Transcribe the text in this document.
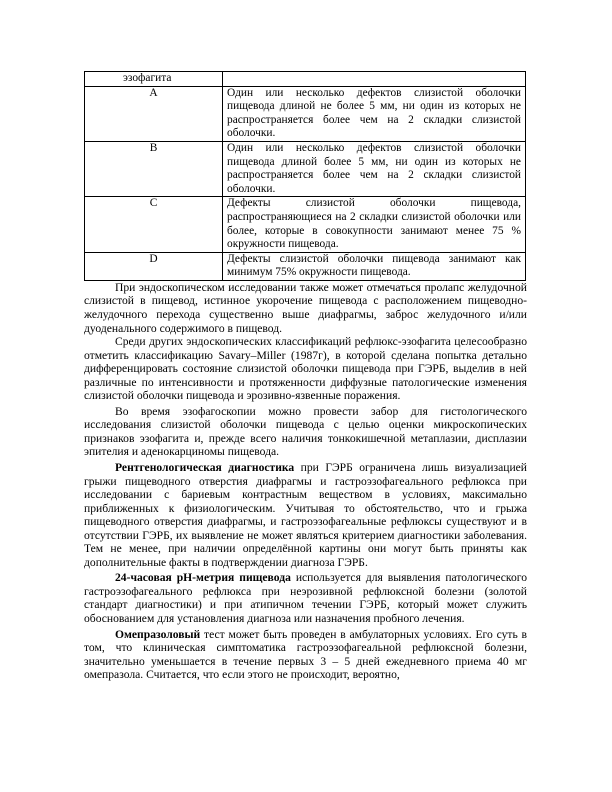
эзофагита	
A	Один или несколько дефектов слизистой оболочки пищевода длиной не более 5 мм, ни один из которых не распространяется более чем на 2 складки слизистой оболочки.
B	Один или несколько дефектов слизистой оболочки пищевода длиной более 5 мм, ни один из которых не распространяется более чем на 2 складки слизистой оболочки.
C	Дефекты слизистой оболочки пищевода, распространяющиеся на 2 складки слизистой оболочки или более, которые в совокупности занимают менее 75 % окружности пищевода.
D	Дефекты слизистой оболочки пищевода занимают как минимум 75% окружности пищевода.

При эндоскопическом исследовании также может отмечаться пролапс желудочной слизистой в пищевод, истинное укорочение пищевода с расположением пищеводно-желудочного перехода существенно выше диафрагмы, заброс желудочного и/или дуоденального содержимого в пищевод.

Среди других эндоскопических классификаций рефлюкс-эзофагита целесообразно отметить классификацию Savary–Miller (1987г), в которой сделана попытка детально дифференцировать состояние слизистой оболочки пищевода при ГЭРБ, выделив в ней различные по интенсивности и протяженности диффузные патологические изменения слизистой оболочки пищевода и эрозивно-язвенные поражения.

Во время эзофагоскопии можно провести забор для гистологического исследования слизистой оболочки пищевода с целью оценки микроскопических признаков эзофагита и, прежде всего наличия тонкокишечной метаплазии, дисплазии эпителия и аденокарциномы пищевода.

Рентгенологическая диагностика при ГЭРБ ограничена лишь визуализацией грыжи пищеводного отверстия диафрагмы и гастроэзофагеального рефлюкса при исследовании с бариевым контрастным веществом в условиях, максимально приближенных к физиологическим. Учитывая то обстоятельство, что и грыжа пищеводного отверстия диафрагмы, и гастроэзофагеальные рефлюксы существуют и в отсутствии ГЭРБ, их выявление не может являться критерием диагностики заболевания. Тем не менее, при наличии определённой картины они могут быть приняты как дополнительные факты в подтверждении диагноза ГЭРБ.

24-часовая рН-метрия пищевода используется для выявления патологического гастроэзофагеального рефлюкса при неэрозивной рефлюксной болезни (золотой стандарт диагностики) и при атипичном течении ГЭРБ, который может служить обоснованием для установления диагноза или назначения пробного лечения.

Омепразоловый тест может быть проведен в амбулаторных условиях. Его суть в том, что клиническая симптоматика гастроэзофагеальной рефлюксной болезни, значительно уменьшается в течение первых 3 – 5 дней ежедневного приема 40 мг омепразола. Считается, что если этого не происходит, вероятно,
